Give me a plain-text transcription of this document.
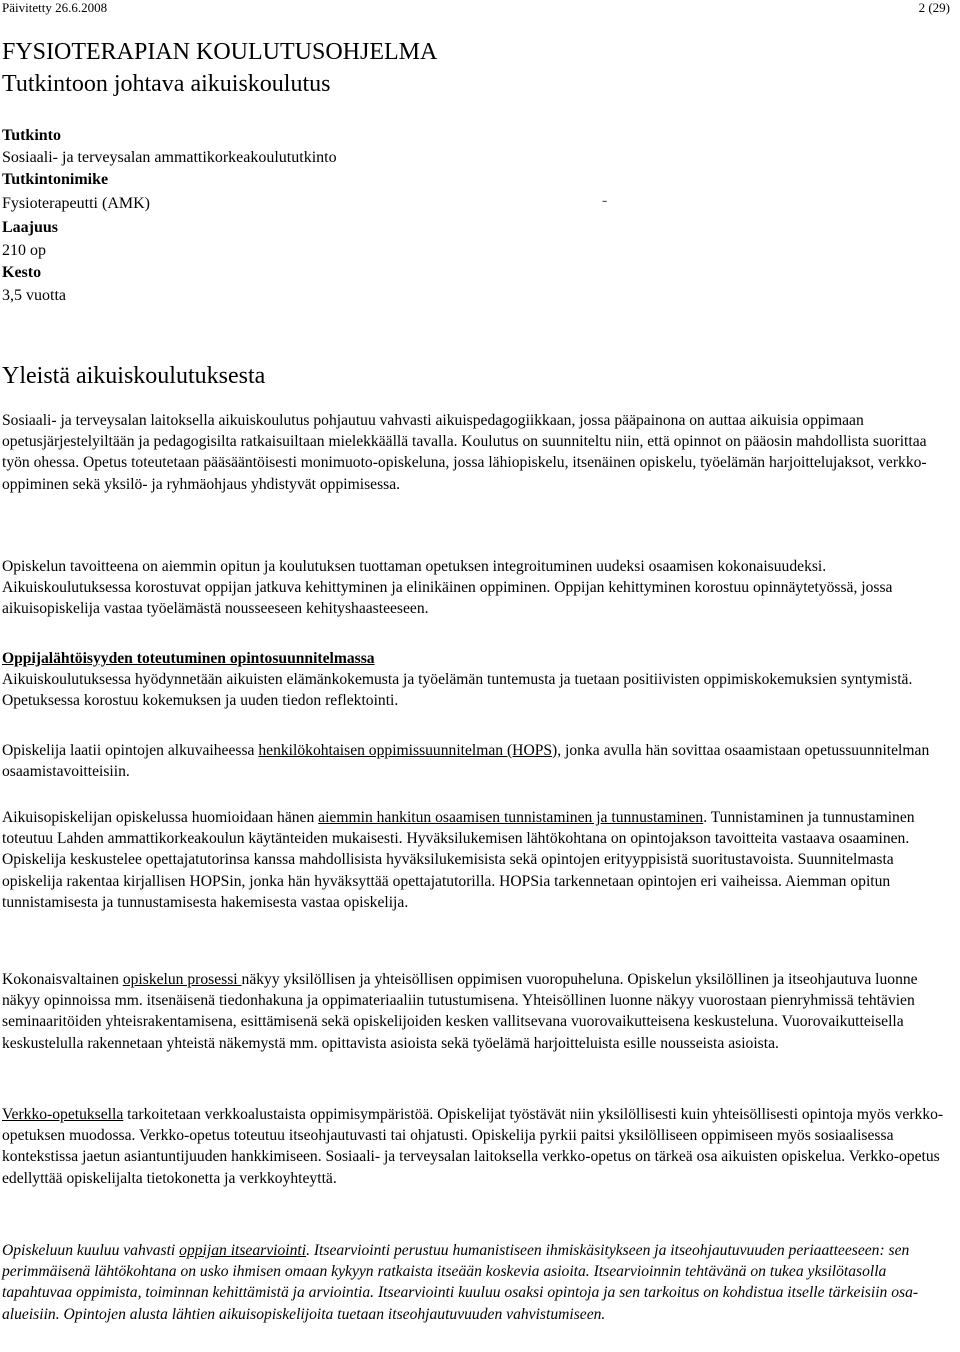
Päivitetty 26.6.2008	2 (29)
FYSIOTERAPIAN KOULUTUSOHJELMA
Tutkintoon johtava aikuiskoulutus
Tutkinto
Sosiaali- ja terveysalan ammattikorkeakoulututkinto
Tutkintonimike
Fysioterapeutti (AMK)	-
Laajuus
210 op
Kesto
3,5 vuotta
Yleistä aikuiskoulutuksesta

Sosiaali- ja terveysalan laitoksella aikuiskoulutus pohjautuu vahvasti aikuispedagogiikkaan, jossa pääpainona on auttaa aikuisia oppimaan opetusjärjestelyiltään ja pedagogisilta ratkaisuiltaan mielekkäällä tavalla. Koulutus on suunniteltu niin, että opinnot on pääosin mahdollista suorittaa työn ohessa. Opetus toteutetaan pääsääntöisesti monimuoto-opiskeluna, jossa lähiopiskelu, itsenäinen opiskelu, työelämän harjoittelujaksot, verkko-oppiminen sekä yksilö- ja ryhmäohjaus yhdistyvät oppimisessa.

Opiskelun tavoitteena on aiemmin opitun ja koulutuksen tuottaman opetuksen integroituminen uudeksi osaamisen kokonaisuudeksi. Aikuiskoulutuksessa korostuvat oppijan jatkuva kehittyminen ja elinikäinen oppiminen. Oppijan kehittyminen korostuu opinnäytetyössä, jossa aikuisopiskelija vastaa työelämästä nousseeseen kehityshaasteeseen.

Oppijalähtöisyyden toteutuminen opintosuunnitelmassa

Aikuiskoulutuksessa hyödynnetään aikuisten elämänkokemusta ja työelämän tuntemusta ja tuetaan positiivisten oppimiskokemuksien syntymistä. Opetuksessa korostuu kokemuksen ja uuden tiedon reflektointi.

Opiskelija laatii opintojen alkuvaiheessa henkilökohtaisen oppimissuunnitelman (HOPS), jonka avulla hän sovittaa osaamistaan opetussuunnitelman osaamistavoitteisiin.

Aikuisopiskelijan opiskelussa huomioidaan hänen aiemmin hankitun osaamisen tunnistaminen ja tunnustaminen. Tunnistaminen ja tunnustaminen toteutuu Lahden ammattikorkeakoulun käytänteiden mukaisesti. Hyväksilukemisen lähtökohtana on opintojakson tavoitteita vastaava osaaminen. Opiskelija keskustelee opettajatutorinsa kanssa mahdollisista hyväksilukemisista sekä opintojen erityyppisistä suoritustavoista. Suunnitelmasta opiskelija rakentaa kirjallisen HOPSin, jonka hän hyväksyttää opettajatutorilla. HOPSia tarkennetaan opintojen eri vaiheissa. Aiemman opitun tunnistamisesta ja tunnustamisesta hakemisesta vastaa opiskelija.

Kokonaisvaltainen opiskelun prosessi näkyy yksilöllisen ja yhteisöllisen oppimisen vuoropuheluna. Opiskelun yksilöllinen ja itseohjautuva luonne näkyy opinnoissa mm. itsenäisenä tiedonhakuna ja oppimateriaaliin tutustumisena. Yhteisöllinen luonne näkyy vuorostaan pienryhmissä tehtävien seminaaritöiden yhteisrakentamisena, esittämisenä sekä opiskelijoiden kesken vallitsevana vuorovaikutteisena keskusteluna. Vuorovaikutteisella keskustelulla rakennetaan yhteistä näkemystä mm. opittavista asioista sekä työelämä harjoitteluista esille nousseista asioista.

Verkko-opetuksella tarkoitetaan verkkoalustaista oppimisympäristöä. Opiskelijat työstävät niin yksilöllisesti kuin yhteisöllisesti opintoja myös verkko-opetuksen muodossa. Verkko-opetus toteutuu itseohjautuvasti tai ohjatusti. Opiskelija pyrkii paitsi yksilölliseen oppimiseen myös sosiaalisessa kontekstissa jaetun asiantuntijuuden hankkimiseen. Sosiaali- ja terveysalan laitoksella verkko-opetus on tärkeä osa aikuisten opiskelua. Verkko-opetus edellyttää opiskelijalta tietokonetta ja verkkoyhteyttä.

Opiskeluun kuuluu vahvasti oppijan itsearviointi. Itsearviointi perustuu humanistiseen ihmiskäsitykseen ja itseohjautuvuuden periaatteeseen: sen perimmäisenä lähtökohtana on usko ihmisen omaan kykyyn ratkaista itseään koskevia asioita. Itsearvioinnin tehtävänä on tukea yksilötasolla tapahtuvaa oppimista, toiminnan kehittämistä ja arviointia. Itsearviointi kuuluu osaksi opintoja ja sen tarkoitus on kohdistua itselle tärkeisiin osa-alueisiin. Opintojen alusta lähtien aikuisopiskelijoita tuetaan itseohjautuvuuden vahvistumiseen.
